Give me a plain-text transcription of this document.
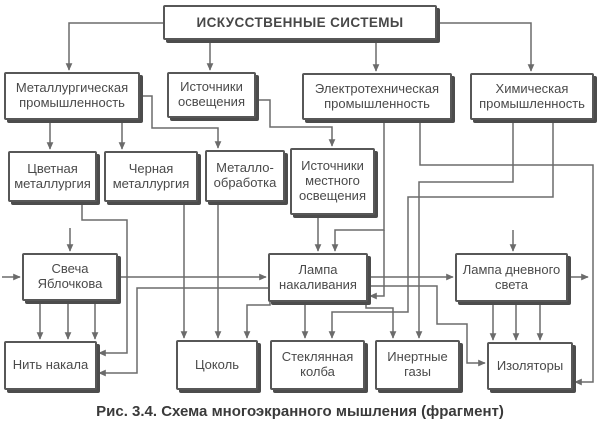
ИСКУССТВЕННЫЕ СИСТЕМЫ
Металлургическая промышленность
Источники освещения
Электротехническая промышленность
Химическая промышленность
Цветная металлургия
Черная металлургия
Металло-обработка
Источники местного освещения
Свеча Яблочкова
Лампа накаливания
Лампа дневного света
Нить накала	Цоколь	Стеклянная колба
Инертные газы	Изоляторы
Рис. 3.4. Схема многоэкранного мышления (фрагмент)
